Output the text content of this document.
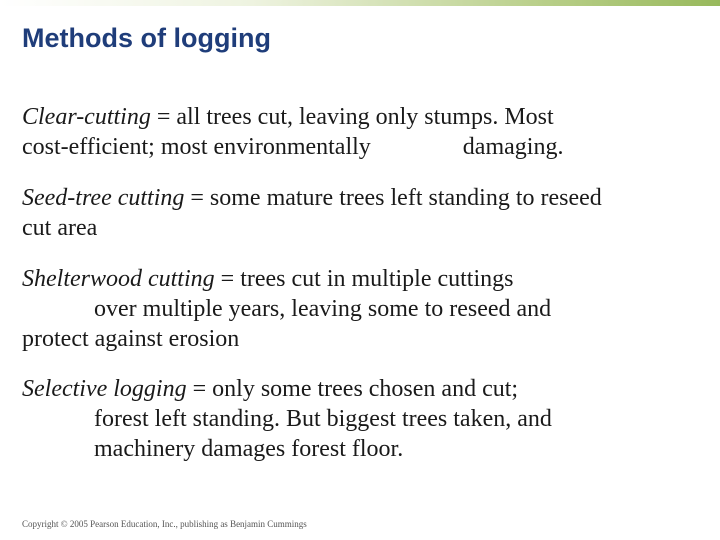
Methods of logging

Clear-cutting = all trees cut, leaving only stumps. Most
cost-efficient; most environmentally	damaging.

Seed-tree cutting = some mature trees left standing to reseed
cut area

Shelterwood cutting = trees cut in multiple cuttings
over multiple years, leaving some to reseed and
protect against erosion

Selective logging = only some trees chosen and cut;
forest left standing. But biggest trees taken, and
machinery damages forest floor.

Copyright © 2005 Pearson Education, Inc., publishing as Benjamin Cummings
